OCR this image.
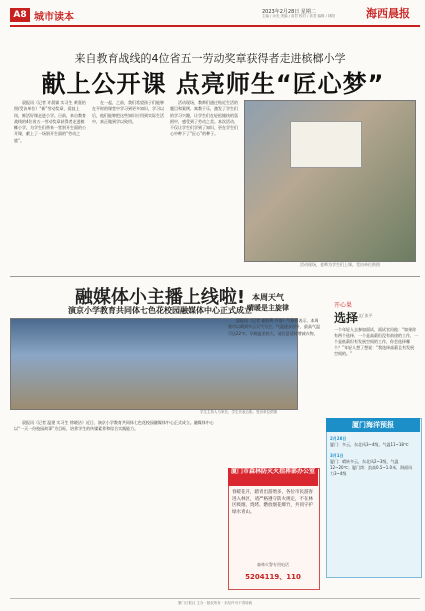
A8 城市读本	2023年2月28日 星期二
主编 / 余光 美编 / 高君 校对 / 高君 编辑 / 林阳	海西晨报
来自教育战线的4位省五一劳动奖章获得者走进槟榔小学
献上公开课 点亮师生“匠心梦”
晨报讯（记者 许晨霖 实习生 黄嘉怡 图/受访单位）“新”劳动奖章，爱技上岗，鲜活好课走进小学。日前，来自教育战线的4位省五一劳动奖章获得者走进槟榔小学，为学生们带来一堂别开生面的公开课，献上了一场别开生面的“劳动之旅”。
在一起，之前，我们希望孩子们能够在平时的课堂中学习到更多知识，学习以后，他们能够把这些知识应用到实际生活中，真正做到学以致用。
活动现场，教师们通过贴近生活的题目和案例，寓教于乐，激发了学生们的学习兴趣，让学生们在轻松愉快的氛围中，感受到了劳动之美。本次活动，不仅让学生们学到了知识，更在学生们心中种下了“匠心”的种子。
活动现场，老师为学生们上课。受访单位供图
融媒体小主播上线啦!
演京小学教育共同体七色花校园融媒体中心正式成立
学生主持人与家长、学生代表合影。受访单位供图
晨报讯（记者 温建 实习生 徐晓洁）近日，演京小学教育共同体七色花校园融媒体中心正式成立。融媒体中心以“一天一份校园故事”为目标，培养学生的传媒素养和综合实践能力。
本周天气
晴暖是主旋律
晨报讯（记者 霍胜利 许洛）气象局表示，本周我市以晴到多云天气为主，气温逐步回升，最高气温可达22℃，早晚温差较大，请注意适时增减衣物。
厦门市森林防灭火指挥部办公室
春暖花开，踏青出游增多，各位市民游客进入林区，请严格遵守防火规定，不在林区吸烟、烧烤、燃放烟花爆竹，共同守护绿水青山。
森林火警专用电话
5204119、110
开心果
选择 文/ 张平
一个年轻人去参加面试，面试官问他：“如果你有两个选择，一个是高薪但没有前途的工作，一个是低薪但有发展空间的工作，你会选择哪个？”年轻人想了想说：“我选择高薪且有发展空间的。”
厦门海洋预报
2月28日
厦门：多云，东北风3~4级，气温11~18℃
3月1日
厦门：晴转多云，东北风2~3级，气温12~20℃；厦门湾：浪高0.5~1.0米，海面风力3~4级
厦门日报社 主办 · 版权所有 · 未经许可不得转载
